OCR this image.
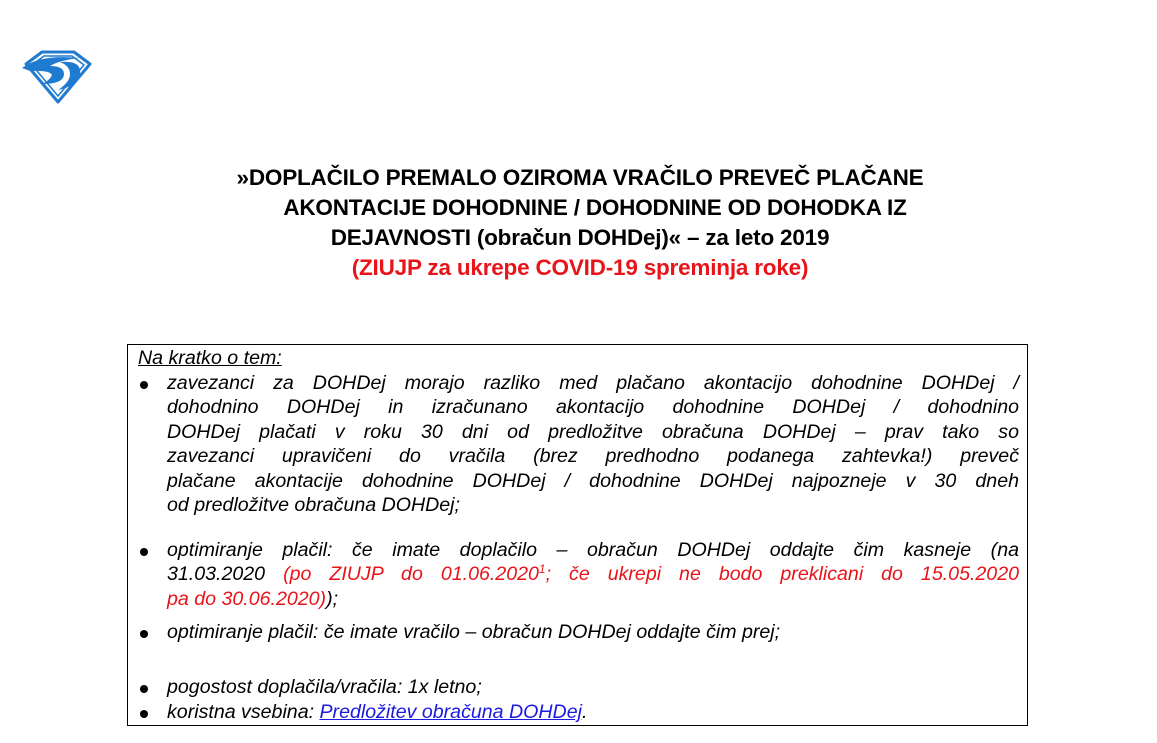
»DOPLAČILO PREMALO OZIROMA VRAČILO PREVEČ PLAČANE
AKONTACIJE DOHODNINE / DOHODNINE OD DOHODKA IZ
DEJAVNOSTI (obračun DOHDej)« – za leto 2019
(ZIUJP za ukrepe COVID-19 spreminja roke)
Na kratko o tem:
zavezanci za DOHDej morajo razliko med plačano akontacijo dohodnine DOHDej /
dohodnino DOHDej in izračunano akontacijo dohodnine DOHDej / dohodnino
DOHDej plačati v roku 30 dni od predložitve obračuna DOHDej – prav tako so
zavezanci upravičeni do vračila (brez predhodno podanega zahtevka!) preveč
plačane akontacije dohodnine DOHDej / dohodnine DOHDej najpozneje v 30 dneh
od predložitve obračuna DOHDej;
optimiranje plačil: če imate doplačilo – obračun DOHDej oddajte čim kasneje (na
31.03.2020 (po ZIUJP do 01.06.2020$^1$; če ukrepi ne bodo preklicani do 15.05.2020
pa do 30.06.2020));
optimiranje plačil: če imate vračilo – obračun DOHDej oddajte čim prej;
pogostost doplačila/vračila: 1x letno;
koristna vsebina: Predložitev obračuna DOHDej.
